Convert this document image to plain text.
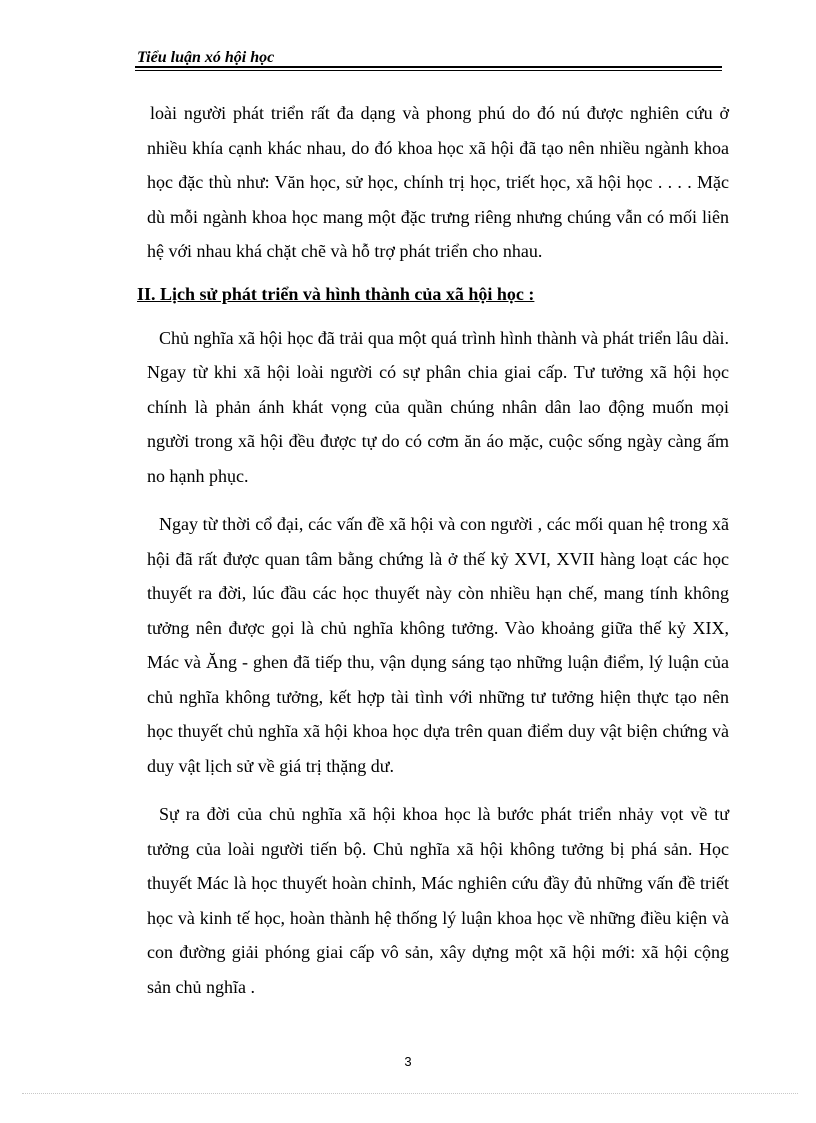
Tiểu luận xó hội học

loài người phát triển rất đa dạng và phong phú do đó nú được nghiên cứu ở nhiều khía cạnh khác nhau, do đó khoa học xã hội đã tạo nên nhiều ngành khoa học đặc thù như: Văn học, sử học, chính trị học, triết học, xã hội học . . . . Mặc dù mỗi ngành khoa học mang một đặc trưng riêng nhưng chúng vẫn có mối liên hệ với nhau khá chặt chẽ và hỗ trợ phát triển cho nhau.

II. Lịch sử phát triển và hình thành của xã hội học :

Chủ nghĩa xã hội học đã trải qua một quá trình hình thành và phát triển lâu dài. Ngay từ khi xã hội loài người có sự phân chia giai cấp. Tư tưởng xã hội học chính là phản ánh khát vọng của quần chúng nhân dân lao động muốn mọi người trong xã hội đều được tự do có cơm ăn áo mặc, cuộc sống ngày càng ấm no hạnh phục.

Ngay từ thời cổ đại, các vấn đề xã hội và con người , các mối quan hệ trong xã hội đã rất được quan tâm bằng chứng là ở thế kỷ XVI, XVII hàng loạt các học thuyết ra đời, lúc đầu các học thuyết này còn nhiều hạn chế, mang tính không tưởng nên được gọi là chủ nghĩa không tưởng. Vào khoảng giữa thế kỷ XIX, Mác và Ăng - ghen đã tiếp thu, vận dụng sáng tạo những luận điểm, lý luận của chủ nghĩa không tưởng, kết hợp tài tình với những tư tưởng hiện thực tạo nên học thuyết chủ nghĩa xã hội khoa học dựa trên quan điểm duy vật biện chứng và duy vật lịch sử về giá trị thặng dư.

Sự ra đời của chủ nghĩa xã hội khoa học là bước phát triển nhảy vọt về tư tưởng của loài người tiến bộ. Chủ nghĩa xã hội không tưởng bị phá sản. Học thuyết Mác là học thuyết hoàn chỉnh, Mác nghiên cứu đầy đủ những vấn đề triết học và kinh tế học, hoàn thành hệ thống lý luận khoa học về những điều kiện và con đường giải phóng giai cấp vô sản, xây dựng một xã hội mới: xã hội cộng sản chủ nghĩa .

3
